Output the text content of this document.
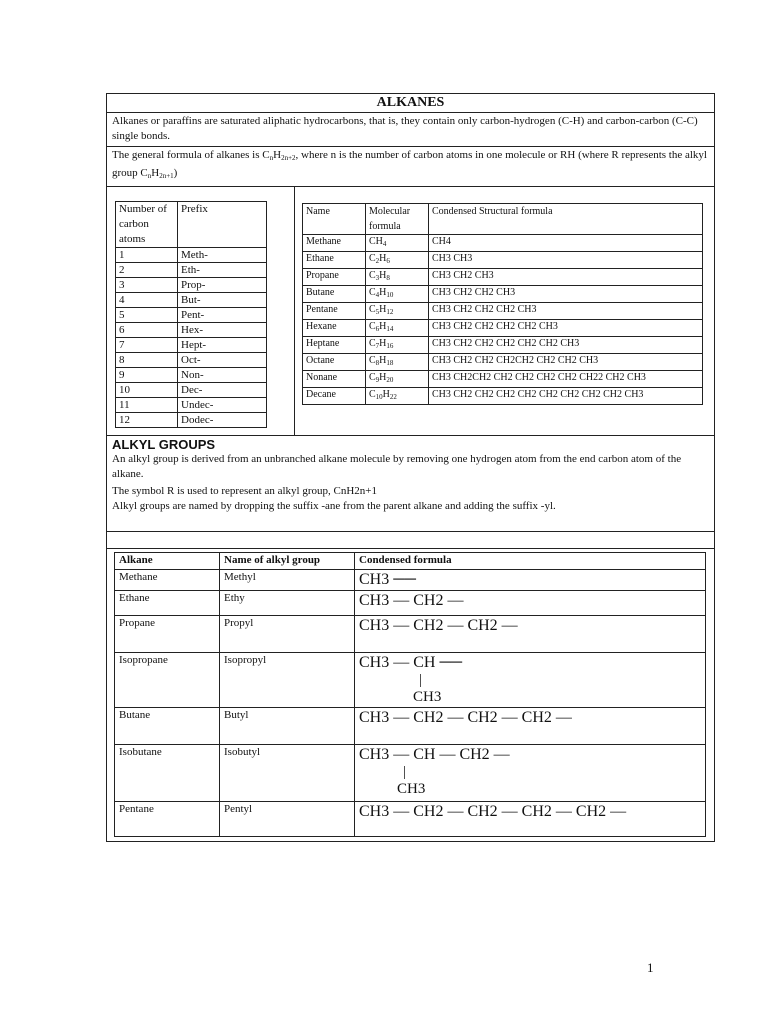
ALKANES
Alkanes or paraffins are saturated aliphatic hydrocarbons, that is, they contain only carbon-hydrogen (C-H) and carbon-carbon (C-C) single bonds.
The general formula of alkanes is $C_nH_{2n+2}$, where n is the number of carbon atoms in one molecule or RH (where R represents the alkyl group $C_nH_{2n+1}$)
Number of carbon atoms	Prefix
1	Meth-
2	Eth-
3	Prop-
4	But-
5	Pent-
6	Hex-
7	Hept-
8	Oct-
9	Non-
10	Dec-
11	Undec-
12	Dodec-
Name	Molecular formula	Condensed Structural formula
Methane	$CH_4$	CH4
Ethane	$C_2H_6$	CH3 CH3
Propane	$C_3H_8$	CH3 CH2 CH3
Butane	$C_4H_{10}$	CH3 CH2 CH2 CH3
Pentane	$C_5H_{12}$	CH3 CH2 CH2 CH2 CH3
Hexane	$C_6H_{14}$	CH3 CH2 CH2 CH2 CH2 CH3
Heptane	$C_7H_{16}$	CH3 CH2 CH2 CH2 CH2 CH2 CH3
Octane	$C_8H_{18}$	CH3 CH2 CH2 CH2CH2 CH2 CH2 CH3
Nonane	$C_9H_{20}$	CH3 CH2CH2 CH2 CH2 CH2 CH2 CH22 CH2 CH3
Decane	$C_{10}H_{22}$	CH3 CH2 CH2 CH2 CH2 CH2 CH2 CH2 CH2 CH3
ALKYL GROUPS
An alkyl group is derived from an unbranched alkane molecule by removing one hydrogen atom from the end carbon atom of the alkane.
The symbol R is used to represent an alkyl group, CnH2n+1
Alkyl groups are named by dropping the suffix -ane from the parent alkane and adding the suffix -yl.
Alkane	Name of alkyl group	Condensed formula
Methane	Methyl	CH3 ──

Ethane	Ethy	CH3 — CH2 —

Propane	Propyl	CH3 — CH2 — CH2 —

Isopropane	Isopropyl	CH3 — CH ──
|
CH3

Butane	Butyl	CH3 — CH2 — CH2 — CH2 —

Isobutane	Isobutyl	CH3 — CH — CH2 —
|
CH3

Pentane	Pentyl	CH3 — CH2 — CH2 — CH2 — CH2 —
1
